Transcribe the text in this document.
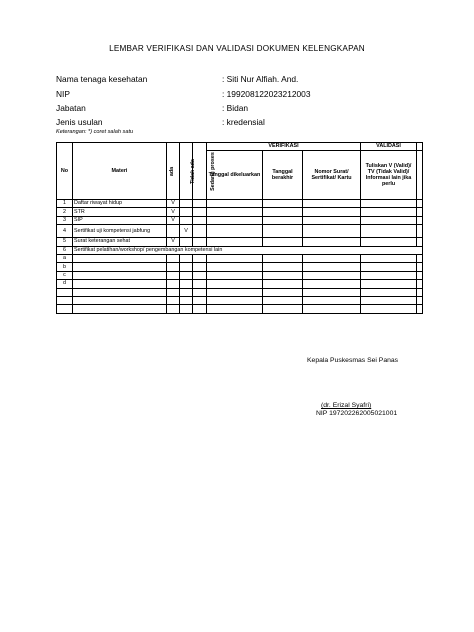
LEMBAR VERIFIKASI DAN VALIDASI DOKUMEN KELENGKAPAN
Nama tenaga kesehatan	: Siti Nur Alfiah. And.
NIP	: 199208122023212003
Jabatan	: Bidan
Jenis usulan	: kredensial
Keterangan: *) coret salah satu
No	Materi	ada	Tidak ada	Sedang proses	VERIFIKASI			VALIDASI	
					Tanggal dikeluarkan	Tanggal berakhir	Nomor Surat/ Sertifikat/ Kartu	Tuliskan V (Valid)/ TV (Tidak Valid)/ Informasi lain jika perlu	
1	Daftar riwayat hidup	V							
2	STR	V							
3	SIP	V							
4	Sertifikat uji kompetensi jabfung		V						
5	Surat keterangan sehat	V							
6	Sertifikat pelatihan/workshop/ pengembangan kompetensi lain								
a									
b									
c									
d									

Kepala Puskesmas Sei Panas
(dr. Erizal Syafri)
NIP 197202262005021001
